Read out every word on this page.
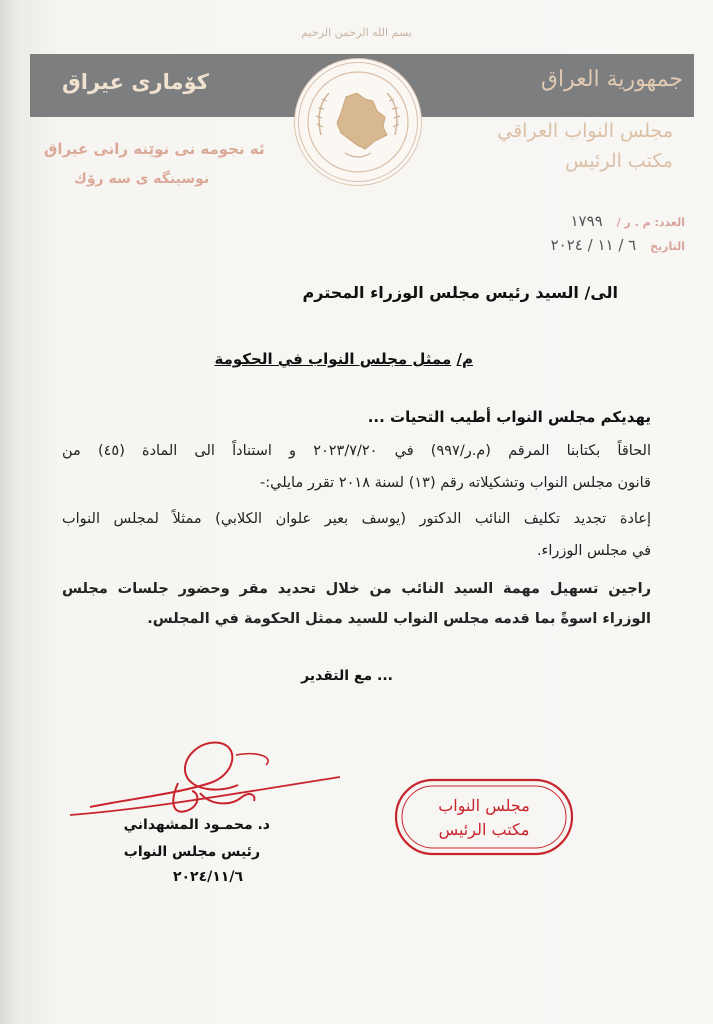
بسم الله الرحمن الرحيم
كۆماری عیراق	جمهورية العراق
ئه نجومه نی نوێنه رانی عیراق
نوسینگه ی سه رۆك
مجلس النواب العراقي
مكتب الرئيس
العدد: م . ر / ١٧٩٩
التاريخ ٦ / ١١ / ٢٠٢٤
الى/ السيد رئيس مجلس الوزراء المحترم
م/ ممثل مجلس النواب في الحكومة
يهديكم مجلس النواب أطيب التحيات ...
الحاقاً بكتابنا المرقم (م.ر/٩٩٧) في ٢٠٢٣/٧/٢٠ و استناداً الى المادة (٤٥) من
قانون مجلس النواب وتشكيلاته رقم (١٣) لسنة ٢٠١٨ تقرر مايلي:-
إعادة تجديد تكليف النائب الدكتور (يوسف بعير علوان الكلابي) ممثلاً لمجلس النواب
في مجلس الوزراء.
راجين تسهيل مهمة السيد النائب من خلال تحديد مقر وحضور جلسات مجلس
الوزراء اسوةً بما قدمه مجلس النواب للسيد ممثل الحكومة في المجلس.
... مع التقدير
د. محمـود المشهداني
رئيس مجلس النواب
٢٠٢٤/١١/٦
مجلس النواب
مكتب الرئيس
